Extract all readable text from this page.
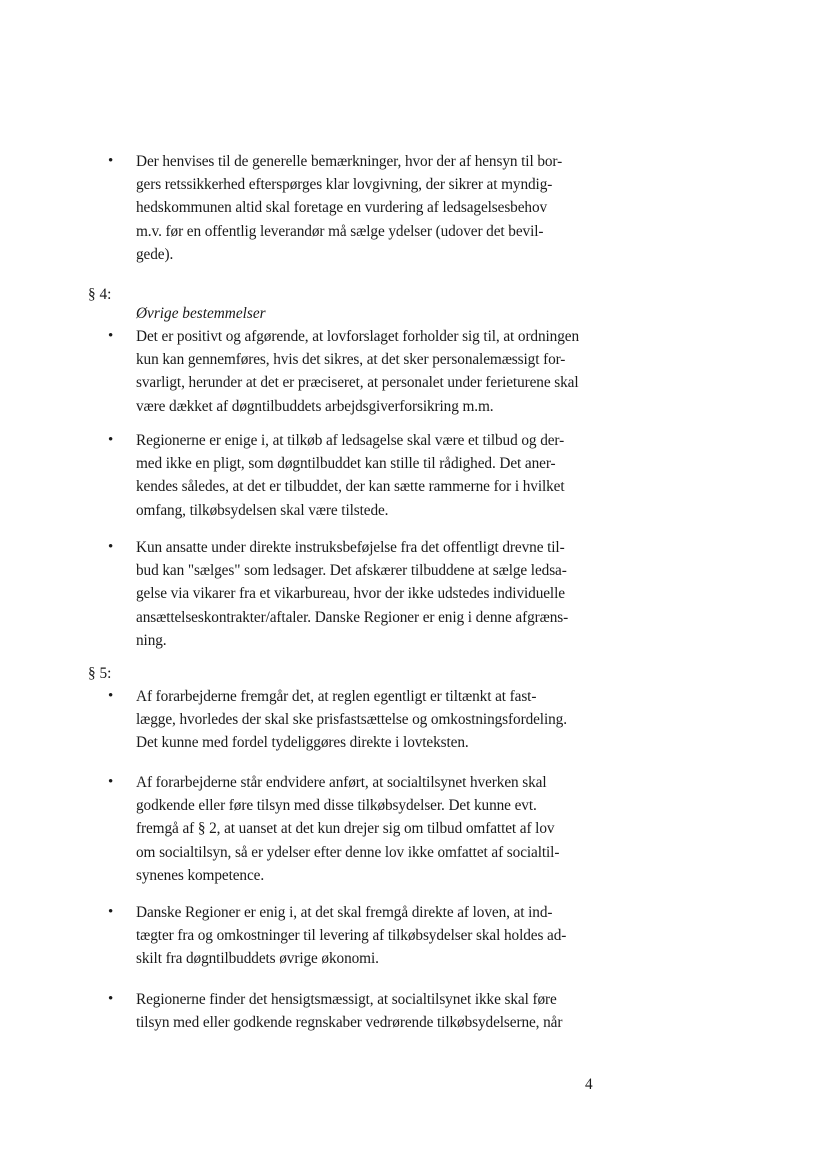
•	Der henvises til de generelle bemærkninger, hvor der af hensyn til bor-
gers retssikkerhed efterspørges klar lovgivning, der sikrer at myndig-
hedskommunen altid skal foretage en vurdering af ledsagelsesbehov
m.v. før en offentlig leverandør må sælge ydelser (udover det bevil-
gede).
§ 4:
Øvrige bestemmelser
•	Det er positivt og afgørende, at lovforslaget forholder sig til, at ordningen
kun kan gennemføres, hvis det sikres, at det sker personalemæssigt for-
svarligt, herunder at det er præciseret, at personalet under ferieturene skal
være dækket af døgntilbuddets arbejdsgiverforsikring m.m.
•	Regionerne er enige i, at tilkøb af ledsagelse skal være et tilbud og der-
med ikke en pligt, som døgntilbuddet kan stille til rådighed. Det aner-
kendes således, at det er tilbuddet, der kan sætte rammerne for i hvilket
omfang, tilkøbsydelsen skal være tilstede.
•	Kun ansatte under direkte instruksbeføjelse fra det offentligt drevne til-
bud kan "sælges" som ledsager. Det afskærer tilbuddene at sælge ledsa-
gelse via vikarer fra et vikarbureau, hvor der ikke udstedes individuelle
ansættelseskontrakter/aftaler. Danske Regioner er enig i denne afgræns-
ning.
§ 5:
•	Af forarbejderne fremgår det, at reglen egentligt er tiltænkt at fast-
lægge, hvorledes der skal ske prisfastsættelse og omkostningsfordeling.
Det kunne med fordel tydeliggøres direkte i lovteksten.
•	Af forarbejderne står endvidere anført, at socialtilsynet hverken skal
godkende eller føre tilsyn med disse tilkøbsydelser. Det kunne evt.
fremgå af § 2, at uanset at det kun drejer sig om tilbud omfattet af lov
om socialtilsyn, så er ydelser efter denne lov ikke omfattet af socialtil-
synenes kompetence.
•	Danske Regioner er enig i, at det skal fremgå direkte af loven, at ind-
tægter fra og omkostninger til levering af tilkøbsydelser skal holdes ad-
skilt fra døgntilbuddets øvrige økonomi.
•	Regionerne finder det hensigtsmæssigt, at socialtilsynet ikke skal føre
tilsyn med eller godkende regnskaber vedrørende tilkøbsydelserne, når
4
